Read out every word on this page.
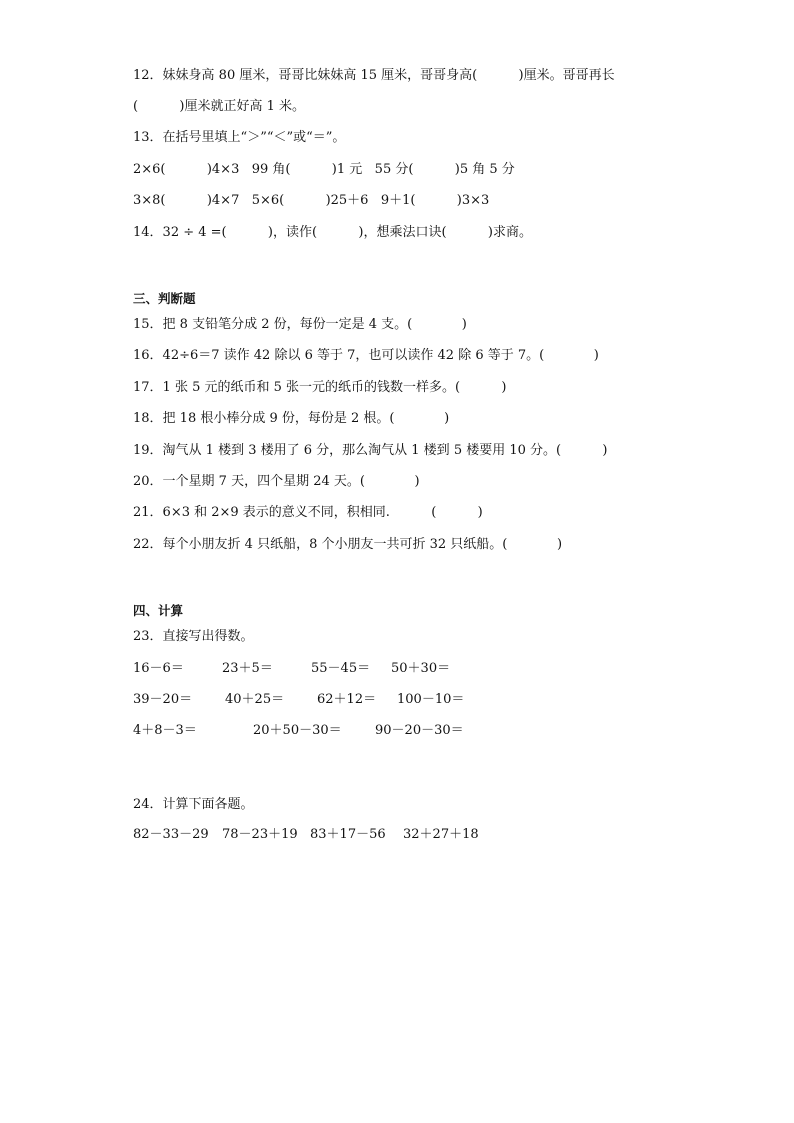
12．妹妹身高 80 厘米，哥哥比妹妹高 15 厘米，哥哥身高(          )厘米。哥哥再长
(          )厘米就正好高 1 米。
13．在括号里填上“＞”“＜”或“＝”。
2×6(          )4×3   99 角(          )1 元   55 分(          )5 角 5 分
3×8(          )4×7   5×6(          )25＋6   9＋1(          )3×3
14．32 ÷ 4 =(          )，读作(          )，想乘法口诀(          )求商。
三、判断题
15．把 8 支铅笔分成 2 份，每份一定是 4 支。(            )
16．42÷6＝7 读作 42 除以 6 等于 7，也可以读作 42 除 6 等于 7。(            )
17．1 张 5 元的纸币和 5 张一元的纸币的钱数一样多。(          )
18．把 18 根小棒分成 9 份，每份是 2 根。(            )
19．淘气从 1 楼到 3 楼用了 6 分，那么淘气从 1 楼到 5 楼要用 10 分。(          )
20．一个星期 7 天，四个星期 24 天。(            )
21．6×3 和 2×9 表示的意义不同，积相同.          (          )
22．每个小朋友折 4 只纸船，8 个小朋友一共可折 32 只纸船。(            )
四、计算
23．直接写出得数。
16－6＝	23＋5＝	55－45＝ 50＋30＝
39－20＝	40＋25＝	62＋12＝ 100－10＝
4＋8－3＝	20＋50－30＝	90－20－30＝
24．计算下面各题。
82－33－29 78－23＋19 83＋17－56 32＋27＋18
